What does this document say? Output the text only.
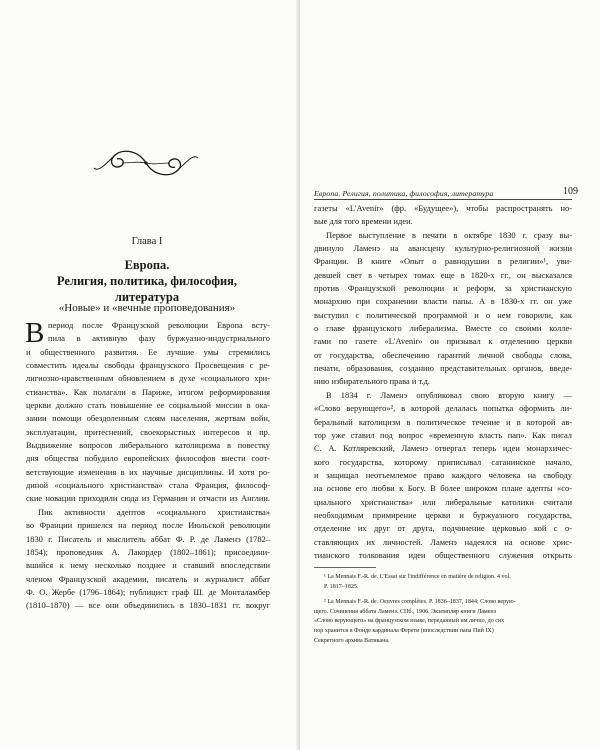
Глава I
Европа.
Религия, политика, философия,
литература
«Новые» и «вечные проповедования»
В период после Французской революции Европа всту-
пила в активную фазу буржуазно-индустриального
и общественного развития. Ее лучшие умы стремились
совместить идеалы свободы французского Просвещения с ре-
лигиозно-нравственным обновлением в духе «социального хри-
стианства». Как полагали в Париже, итогом реформирования
церкви должно стать повышение ее социальной миссии в ока-
зании помощи обездоленным слоям населения, жертвам войн,
эксплуатации, притеснений, своекорыстных интересов и пр.
Выдвижение вопросов либерального католицизма в повестку
дня общества побудило европейских философов внести соот-
ветствующие изменения в их научные дисциплины. И хотя ро-
диной «социального христианства» стала Франция, философ-
ские новации приходили сюда из Германии и отчасти из Англии.
Пик активности адептов «социального христианства»
во Франции пришелся на период после Июльской революции
1830 г. Писатель и мыслитель аббат Ф. Р. де Ламенэ (1782–
1854); проповедник А. Лакордер (1802–1861); присоедини-
вшийся к нему несколько позднее и ставший впоследствии
членом Французской академии, писатель и журналист аббат
Ф. О. Жербе (1796–1864); публицист граф Ш. де Монталамбер
(1810–1870) — все они объединились в 1830–1831 гг. вокруг
Европа. Религия, политика, философия, литература	109
газеты «L'Avenir» (фр. «Будущее»), чтобы распространять но-
вые для того времени идеи.
Первое выступление в печати в октябре 1830 г. сразу вы-
двинуло Ламенэ на авансцену культурно-религиозной жизни
Франции. В книге «Опыт о равнодушии в религии»¹, уви-
девшей свет в четырех томах еще в 1820-х гг., он высказался
против Французской революции и реформ, за христианскую
монархию при сохранении власти папы. А в 1830-х гг. он уже
выступил с политической программой и о нем говорили, как
о главе французского либерализма. Вместе со своими колле-
гами по газете «L'Avenir» он призывал к отделению церкви
от государства, обеспечению гарантий личной свободы слова,
печати, образования, созданию представительных органов, введе-
нию избирательного права и т.д.
В 1834 г. Ламенэ опубликовал свою вторую книгу —
«Слово верующего»², в которой делалась попытка оформить ли-
беральный католицизм в политическое течение и в которой ав-
тор уже ставил под вопрос «временную власть пап». Как писал
С. А. Котляревский, Ламенэ отвергал теперь идеи монархичес-
кого государства, которому приписывал сатанинское начало,
и защищал неотъемлемое право каждого человека на свободу
на основе его любви к Богу. В более широком плане адепты «со-
циального христианства» или либеральные католики считали
необходимым примирение церкви и буржуазного государства,
отделение их друг от друга, подчинение церковью кой с о-
ставляющих их личностей. Ламенэ надеялся на основе хрис-
тианского толкования идеи общественного служения открыть
¹ La Mennais F.-R. de. L'Essai sur l'indifférence en matière de religion. 4 vol.
P. 1817–1825.
² La Mennais F.-R. de. Oeuvres complètes. P. 1836–1837, 1844; Слово верую-
щего. Сочинения аббата Ламенэ. СПб., 1906. Экземпляр книги Ламенэ
«Слово верующего» на французском языке, переданный им лично, до сих
пор хранится в Фонде кардинала Ферети (впоследствии папа Пий IX)
Секретного архива Ватикана.
